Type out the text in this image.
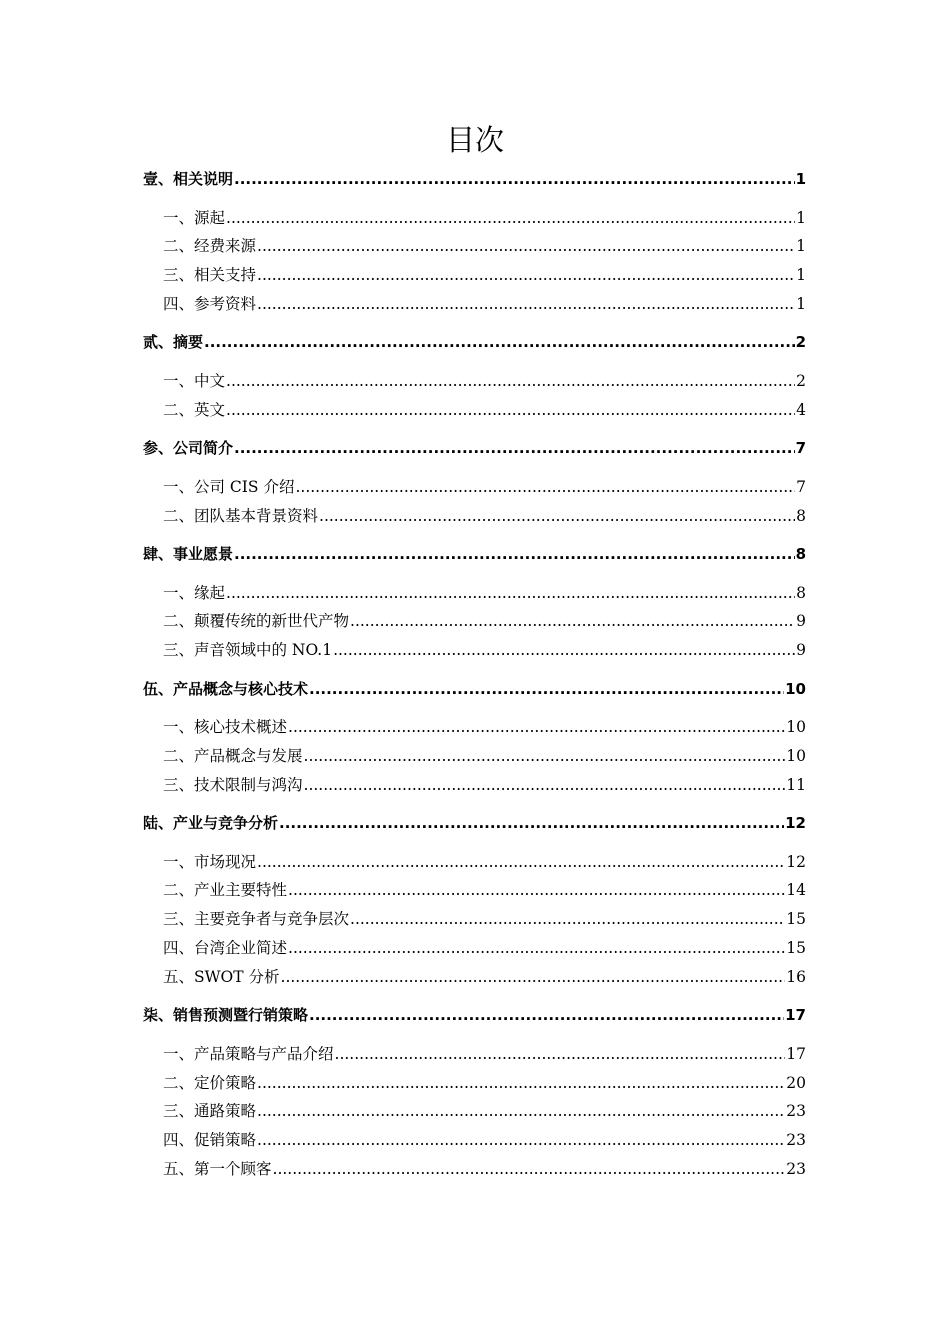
目次
壹、相关说明 .....	1
一、源起 .....	1
二、经费来源 .....	1
三、相关支持 .....	1
四、参考资料 .....	1
贰、摘要 .....	2
一、中文 .....	2
二、英文 .....	4
参、公司简介 .....	7
一、公司 CIS 介绍 .....	7
二、团队基本背景资料 .....	8
肆、事业愿景 .....	8
一、缘起 .....	8
二、颠覆传统的新世代产物 .....	9
三、声音领域中的 NO.1 .....	9
伍、产品概念与核心技术 .....	10
一、核心技术概述 .....	10
二、产品概念与发展 .....	10
三、技术限制与鸿沟 .....	11
陆、产业与竞争分析 .....	12
一、市场现况 .....	12
二、产业主要特性 .....	14
三、主要竞争者与竞争层次 .....	15
四、台湾企业简述 .....	15
五、SWOT 分析 .....	16
柒、销售预测暨行销策略 .....	17
一、产品策略与产品介绍 .....	17
二、定价策略 .....	20
三、通路策略 .....	23
四、促销策略 .....	23
五、第一个顾客 .....	23
